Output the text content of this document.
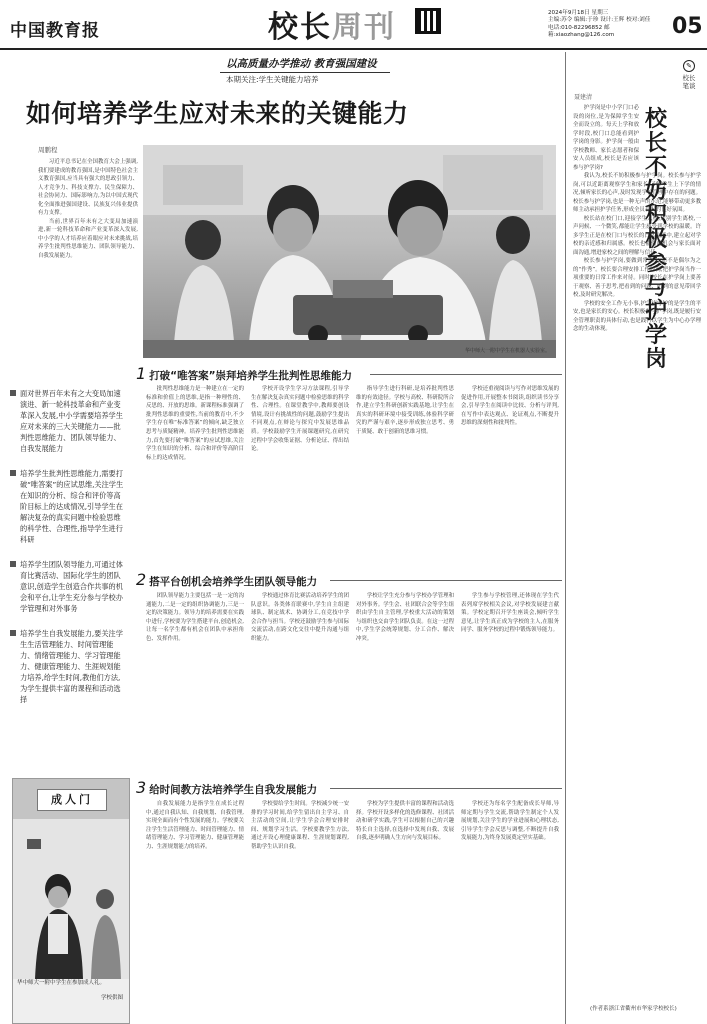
中国教育报	校长周刊	2024年9月18日 星期三
主编:苏令 编辑:于珍 设计:王辉 校对:刘佳
电话:010-82296852 邮箱:xiaozhang@126.com	05
以高质量办学推动 教育强国建设
本期关注:学生关键能力培养
如何培养学生应对未来的关键能力
周鹏程

习近平总书记在全国教育大会上强调,我们要建成的教育强国,是中国特色社会主义教育强国,应当具有强大的思政引领力、人才竞争力、科技支撑力、民生保障力、社会协同力、国际影响力,为以中国式现代化全面推进强国建设、民族复兴伟业提供有力支撑。

当前,世界百年未有之大变局加速演进,新一轮科技革命和产业变革深入发展,中小学的人才培养应着眼应对未来挑战,培养学生批判性思维能力、团队领导能力、自我发展能力。

华中师大一附中学生在机器人实验室。
面对世界百年未有之大变局加速演进、新一轮科技革命和产业变革深入发展,中小学需要培养学生应对未来的三大关键能力——批判性思维能力、团队领导能力、自我发展能力
培养学生批判性思维能力,需要打破“唯答案”的应试思维,关注学生在知识的分析、综合和评价等高阶目标上的达成情况,引导学生在解决复杂的真实问题中检验思维的科学性、合理性,指导学生进行科研
培养学生团队领导能力,可通过体育比赛活动、国际化学生的团队意识,创造学生创造合作共事的机会和平台,让学生充分参与学校办学管理和对外事务
培养学生自我发展能力,要关注学生生活管理能力、时间管理能力、情绪管理能力、学习管理能力、健康管理能力、生涯规划能力培养,给学生时间,教他们方法,为学生提供丰富的课程和活动选择
成人门
华中师大一附中学生在参加成人礼。
学校供图
1 打破“唯答案”崇拜培养学生批判性思维能力

批判性思维能力是一种建立在一定的标准和价值上的思维,是指一种理性的、反思的、开放的思维。新课程标准强调了批判性思维的重要性,当前的教育中,不少学生存在唯“标准答案”的倾向,缺乏独立思考与质疑精神。培养学生批判性思维能力,首先要打破“唯答案”的应试思维,关注学生在知识的分析、综合和评价等高阶目标上的达成情况。

学校开设学生学习方法课程,引导学生在解决复杂真实问题中检验思维的科学性、合理性。在课堂教学中,教师要创设情境,设计有挑战性的问题,鼓励学生提出不同观点,在辩论与探究中发展思维品质。学校鼓励学生开展课题研究,在研究过程中学会收集证据、分析论证、得出结论。

指导学生进行科研,是培养批判性思维的有效途径。学校与高校、科研院所合作,建立学生科研创新实践基地,让学生在真实的科研环境中接受训练,体验科学研究的严谨与艰辛,逐步形成独立思考、勇于质疑、敢于创新的思维习惯。

学校还重视阅读与写作对思维发展的促进作用,开展整本书阅读,组织读书分享会,引导学生在阅读中比较、分析与评判,在写作中表达观点、论证观点,不断提升思维的深刻性和批判性。

2 搭平台创机会培养学生团队领导能力

团队领导能力主要包括一是一定的沟通能力,二是一定的组织协调能力,三是一定的决策能力。领导力的培养需要在实践中进行,学校要为学生搭建平台,创造机会,让每一名学生都有机会在团队中承担角色、发挥作用。

学校通过体育比赛活动培养学生的团队意识。各类体育联赛中,学生自主组建球队、制定战术、协调分工,在竞技中学会合作与担当。学校还鼓励学生参与国际交流活动,在跨文化交往中提升沟通与组织能力。

学校让学生充分参与学校办学管理和对外事务。学生会、社团联合会等学生组织由学生自主管理,学校重大活动的策划与组织也交由学生团队负责。在这一过程中,学生学会统筹规划、分工合作、解决冲突。

学生参与学校管理,还体现在学生代表列席学校相关会议,对学校发展建言献策。学校定期召开学生座谈会,倾听学生意见,让学生真正成为学校的主人,在服务同学、服务学校的过程中锻炼领导能力。

3 给时间教方法培养学生自我发展能力

自我发展能力是指学生在成长过程中,通过自我认知、自我规划、自我管理,实现全面而有个性发展的能力。学校要关注学生生活管理能力、时间管理能力、情绪管理能力、学习管理能力、健康管理能力、生涯规划能力的培养。

学校要给学生时间。学校减少统一安排的学习时间,给学生留出自主学习、自主活动的空间,让学生学会合理安排时间、规划学习生活。学校要教学生方法,通过开设心理健康课程、生涯规划课程,帮助学生认识自我。

学校为学生提供丰富的课程和活动选择。学校开设多样化的选修课程、社团活动和研学实践,学生可以根据自己的兴趣特长自主选择,在选择中发现自我、发展自我,逐步明确人生方向与发展目标。

学校还为每名学生配备成长导师,导师定期与学生交流,帮助学生制定个人发展规划,关注学生的学业进展和心理状态,引导学生学会反思与调整,不断提升自我发展能力,为终身发展奠定坚实基础。

✎
校长笔谈
校长不妨积极参与护学岗
聂建清

护学岗是中小学门口必设的岗位,是为保障学生安全而设立的。每天上学和放学时段,校门口总能看到护学岗的身影。护学岗一般由学校教师、家长志愿者和保安人员组成,校长是否应该参与护学岗?

我认为,校长不妨积极参与护学岗。校长参与护学岗,可以近距离观察学生和家长,了解学生上下学的情况,倾听家长的心声,及时发现学校管理中存在的问题。校长参与护学岗,也是一种无声的示范,能够带动更多教师主动承担护学任务,形成全员育人的良好氛围。

校长站在校门口,迎接学生入校,送别学生离校,一声问候、一个微笑,都能让学生感受到学校的温暖。许多学生正是在校门口与校长的日常交流中,建立起对学校的亲近感和归属感。校长也能借此机会与家长面对面沟通,增进家校之间的理解与信任。

校长参与护学岗,要做到常态化,而不是偶尔为之的“作秀”。校长要合理安排工作时间,把护学岗当作一项重要的日常工作来对待。同时,校长在护学岗上要善于观察、善于思考,把看到的问题、听到的意见带回学校,及时研究解决。

学校的安全工作无小事,护学岗守护的是学生的平安,也是家长的安心。校长积极参与护学岗,既是履行安全管理职责的具体行动,也是践行以学生为中心办学理念的生动体现。

(作者系浙江省衢州市华家学校校长)
